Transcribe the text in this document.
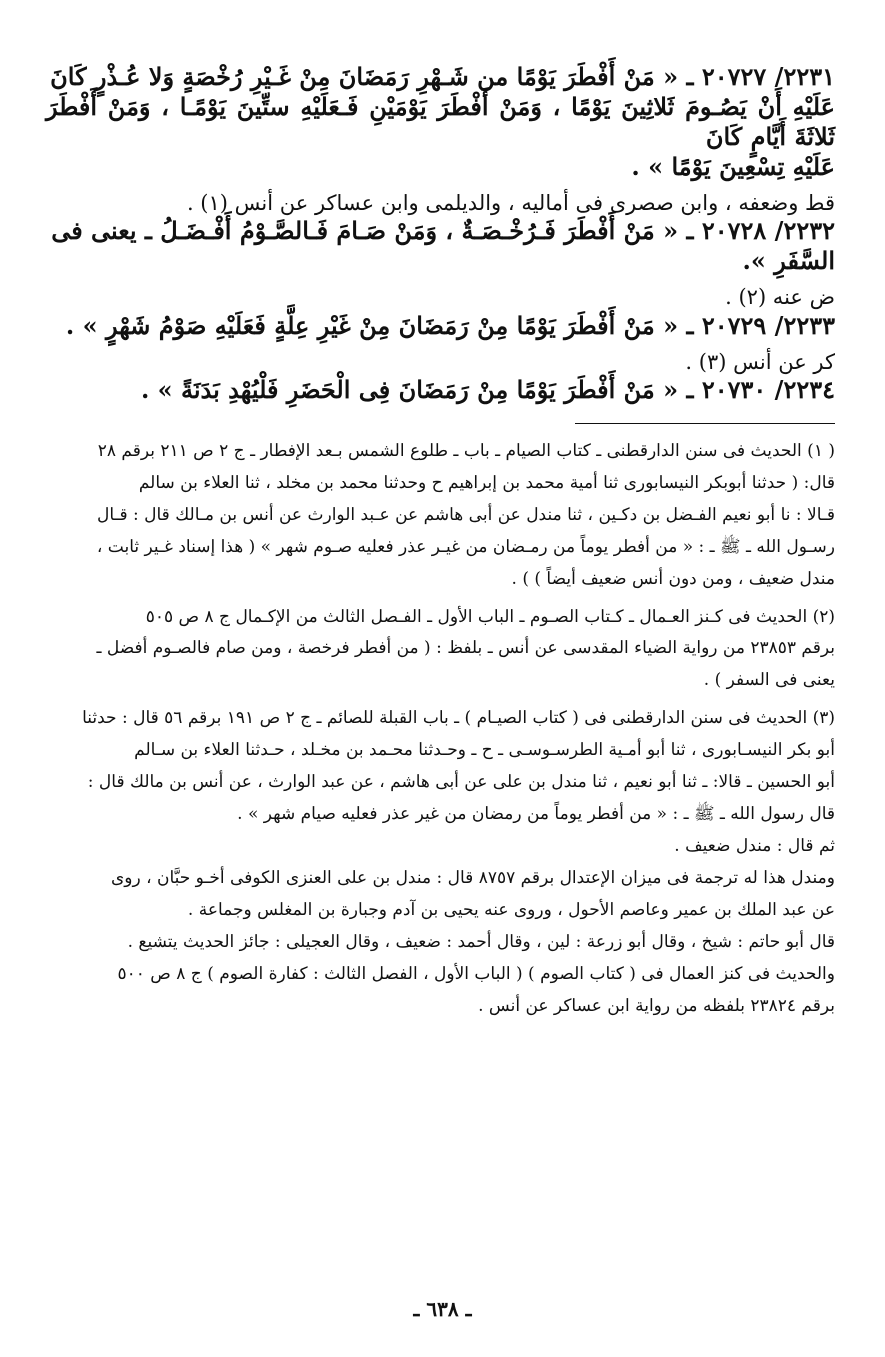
٢٢٣١/ ٢٠٧٢٧ ـ « مَنْ أَفْطَرَ يَوْمًا من شَـهْرِ رَمَضَانَ مِنْ غَـيْرِ رُخْصَةٍ وَلا عُـذْرٍ كَانَ

عَلَيْهِ أَنْ يَصُـومَ ثَلاثِينَ يَوْمًا ، وَمَنْ أَفْطَرَ يَوْمَيْنِ فَـعَلَيْهِ ستِّينَ يَوْمًـا ، وَمَنْ أَفْطَرَ ثَلاثَةَ أَيَّامٍ كَانَ

عَلَيْهِ تِسْعِينَ يَوْمًا » .

قط وضعفه ، وابن صصرى فى أماليه ، والديلمى وابن عساكر عن أنس (١) .

٢٢٣٢/ ٢٠٧٢٨ ـ « مَنْ أَفْطَرَ فَـرُخْـصَـةٌ ، وَمَنْ صَـامَ فَـالصَّـوْمُ أَفْـضَـلُ ـ يعنى فى

السَّفَرِ ».

ض عنه (٢) .

٢٢٣٣/ ٢٠٧٢٩ ـ « مَنْ أَفْطَرَ يَوْمًا مِنْ رَمَضَانَ مِنْ غَيْرِ عِلَّةٍ فَعَلَيْهِ صَوْمُ شَهْرٍ » .

كر عن أنس (٣) .

٢٢٣٤/ ٢٠٧٣٠ ـ « مَنْ أَفْطَرَ يَوْمًا مِنْ رَمَضَانَ فِى الْحَضَرِ فَلْيُهْدِ بَدَنَةً » .

( ١) الحديث فى سنن الدارقطنى ـ كتاب الصيام ـ باب ـ طلوع الشمس بـعد الإفطار ـ ج ٢ ص ٢١١ برقم ٢٨

قال: ( حدثنا أبوبكر النيسابورى ثنا أمية محمد بن إبراهيم ح وحدثنا محمد بن مخلد ، ثنا العلاء بن سالم

قـالا : نا أبو نعيم الفـضل بن دكـين ، ثنا مندل عن أبى هاشم عن عـبد الوارث عن أنس بن مـالك قال : قـال

رسـول الله ـ ﷺ ـ : « من أفطر يوماً من رمـضان من غيـر عذر فعليه صـوم شهر » ( هذا إسناد غـير ثابت ،

مندل ضعيف ، ومن دون أنس ضعيف أيضاً ) ) .

(٢) الحديث فى كـنز العـمال ـ كـتاب الصـوم ـ الباب الأول ـ الفـصل الثالث من الإكـمال ج ٨ ص ٥٠٥

برقم ٢٣٨٥٣ من رواية الضياء المقدسى عن أنس ـ بلفظ : ( من أفطر فرخصة ، ومن صام فالصـوم أفضل ـ

يعنى فى السفر ) .

(٣) الحديث فى سنن الدارقطنى فى ( كتاب الصيـام ) ـ باب القبلة للصائم ـ ج ٢ ص ١٩١ برقم ٥٦ قال : حدثنا

أبو بكر النيسـابورى ، ثنا أبو أمـية الطرسـوسـى ـ ح ـ وحـدثنا محـمد بن مخـلد ، حـدثنا العلاء بن سـالم

أبو الحسين ـ قالا: ـ ثنا أبو نعيم ، ثنا مندل بن على عن أبى هاشم ، عن عبد الوارث ، عن أنس بن مالك قال :

قال رسول الله ـ ﷺ ـ : « من أفطر يوماً من رمضان من غير عذر فعليه صيام شهر » .

ثم قال : مندل ضعيف .

ومندل هذا له ترجمة فى ميزان الإعتدال برقم ٨٧٥٧ قال : مندل بن على العنزى الكوفى أخـو حبَّان ، روى

عن عبد الملك بن عمير وعاصم الأحول ، وروى عنه يحيى بن آدم وجبارة بن المغلس وجماعة .

قال أبو حاتم : شيخ ، وقال أبو زرعة : لين ، وقال أحمد : ضعيف ، وقال العجيلى : جائز الحديث يتشيع .

والحديث فى كنز العمال فى ( كتاب الصوم ) ( الباب الأول ، الفصل الثالث : كفارة الصوم ) ج ٨ ص ٥٠٠

برقم ٢٣٨٢٤ بلفظه من رواية ابن عساكر عن أنس .

ـ ٦٣٨ ـ
